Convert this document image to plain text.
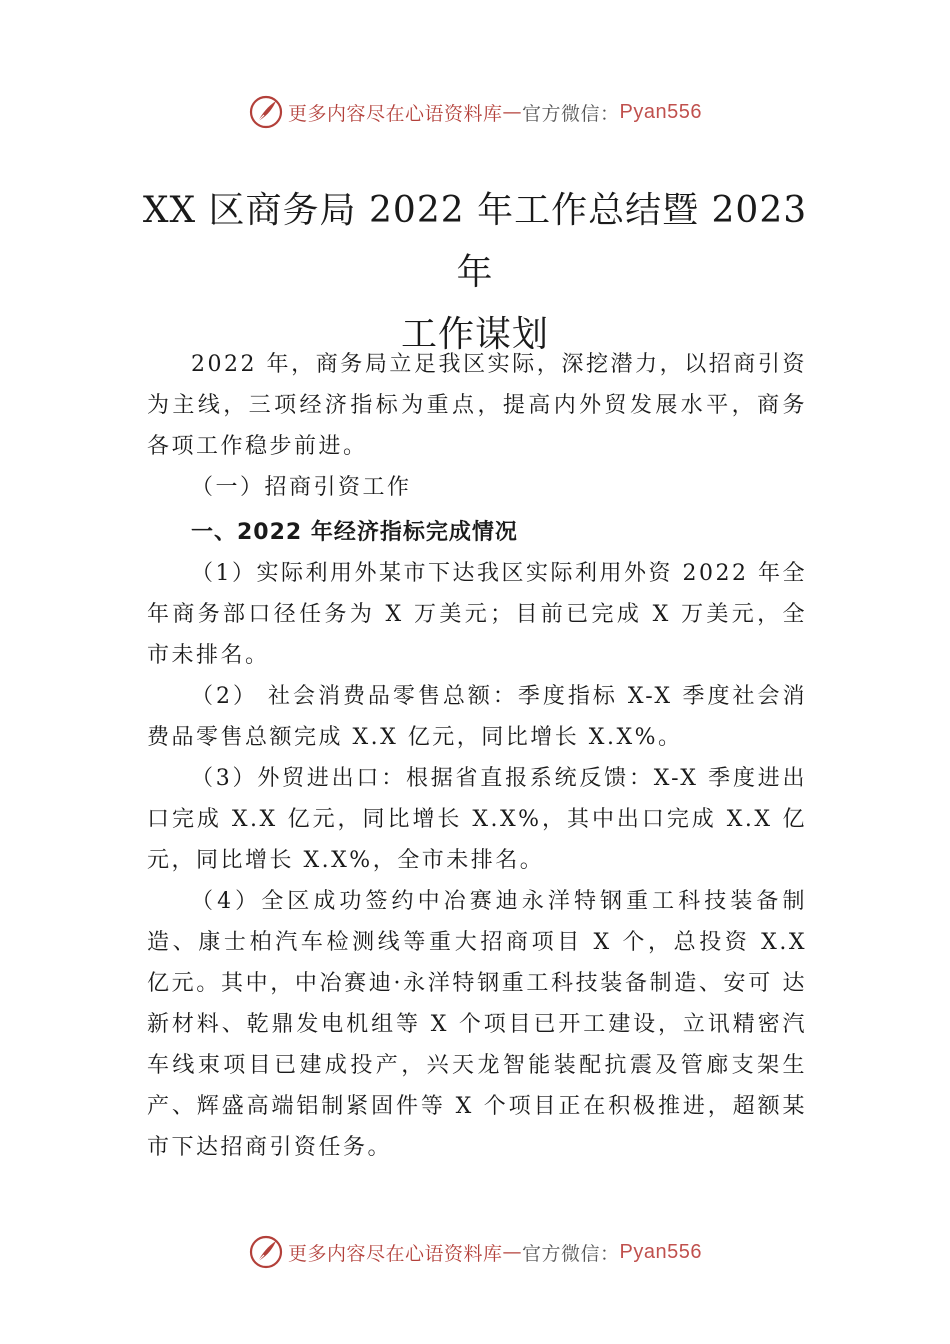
更多内容尽在心语资料库 — 官方微信： Pyan556
XX 区商务局 2022 年工作总结暨 2023 年
工作谋划

2022 年，商务局立足我区实际，深挖潜力，以招商引资为主线，三项经济指标为重点，提高内外贸发展水平，商务各项工作稳步前进。

（一）招商引资工作

一、2022 年经济指标完成情况

（1）实际利用外某市下达我区实际利用外资 2022 年全年商务部口径任务为 X 万美元；目前已完成 X 万美元，全市未排名。

（2） 社会消费品零售总额：季度指标 X-X 季度社会消费品零售总额完成 X.X 亿元，同比增长 X.X%。

（3）外贸进出口：根据省直报系统反馈：X-X 季度进出口完成 X.X 亿元，同比增长 X.X%，其中出口完成 X.X 亿元，同比增长 X.X%，全市未排名。

（4）全区成功签约中冶赛迪永洋特钢重工科技装备制造、康士柏汽车检测线等重大招商项目 X 个，总投资 X.X 亿元。其中，中冶赛迪·永洋特钢重工科技装备制造、安可 达新材料、乾鼎发电机组等 X 个项目已开工建设，立讯精密汽车线束项目已建成投产，兴天龙智能装配抗震及管廊支架生产、辉盛高端铝制紧固件等 X 个项目正在积极推进，超额某市下达招商引资任务。

更多内容尽在心语资料库 — 官方微信： Pyan556
